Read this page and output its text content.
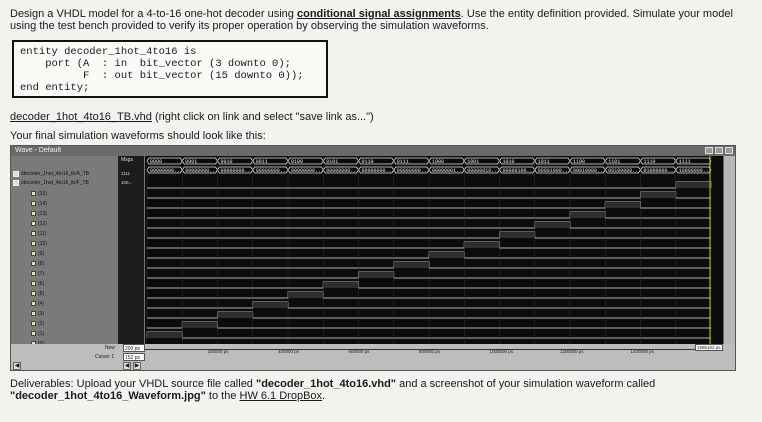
Design a VHDL model for a 4-to-16 one-hot decoder using conditional signal assignments. Use the entity definition provided. Simulate your model
using the test bench provided to verify its proper operation by observing the simulation waveforms.
entity decoder_1hot_4to16 is
port (A  : in  bit_vector (3 downto 0);
F  : out bit_vector (15 downto 0));
end entity;
decoder_1hot_4to16_TB.vhd (right click on link and select "save link as...")
Your final simulation waveforms should look like this:
Wave - Default
/decoder_1hot_4to16_tb/A_TB
/decoder_1hot_4to16_tb/F_TB
(15)
(14)
(13)
(12)
(11)
(10)
(9)
(8)
(7)
(6)
(5)
(4)
(3)
(2)
(1)
Msgs
1111
100...
0000	0001	0010	0011	0100	0101	0110	0111	1000	1001	1010	1011	1100	1101	1110	1111
00000000... 00000000... 00000000... 00000000... 00000000... 00000000... 00000000... 00000000... 00000001... 00000010... 00000100... 00001000... 00010000... 00100000... 01000000... 10000000...
Now	200 ps
Cursor 1	152 ps
1595152 ps
◀	◀ ▶
200000 ps	400000 ps	600000 ps	800000 ps	1000000 ps	1200000 ps	1400000 ps
Deliverables: Upload your VHDL source file called "decoder_1hot_4to16.vhd" and a screenshot of your simulation waveform called
"decoder_1hot_4to16_Waveform.jpg" to the HW 6.1 DropBox.
